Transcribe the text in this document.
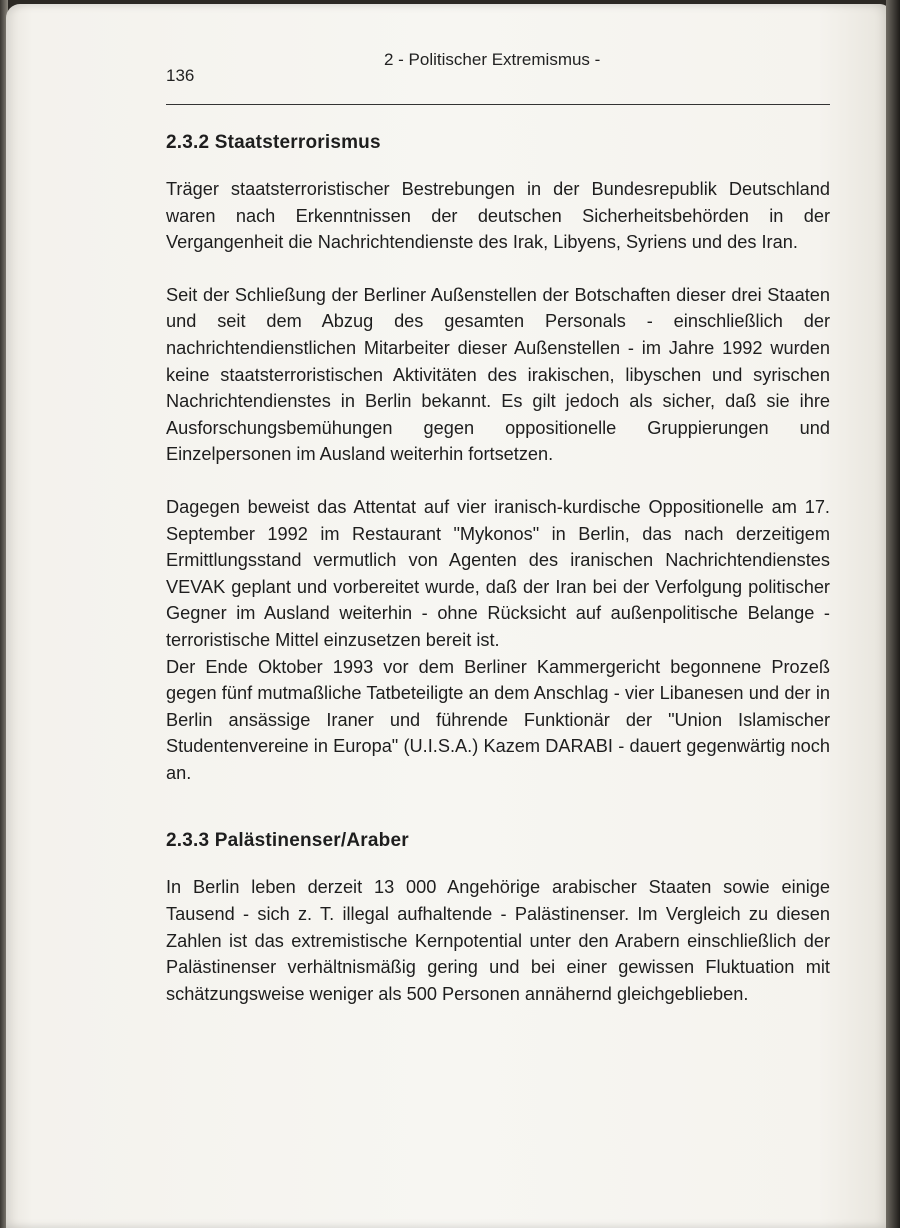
2 - Politischer Extremismus -
136
2.3.2 Staatsterrorismus

Träger staatsterroristischer Bestrebungen in der Bundesrepublik Deutschland waren nach Erkenntnissen der deutschen Sicherheitsbehörden in der Vergangenheit die Nachrichtendienste des Irak, Libyens, Syriens und des Iran.

Seit der Schließung der Berliner Außenstellen der Botschaften dieser drei Staaten und seit dem Abzug des gesamten Personals - einschließlich der nachrichtendienstlichen Mitarbeiter dieser Außenstellen - im Jahre 1992 wurden keine staatsterroristischen Aktivitäten des irakischen, libyschen und syrischen Nachrichtendienstes in Berlin bekannt. Es gilt jedoch als sicher, daß sie ihre Ausforschungsbemühungen gegen oppositionelle Gruppierungen und Einzelpersonen im Ausland weiterhin fortsetzen.

Dagegen beweist das Attentat auf vier iranisch-kurdische Oppositionelle am 17. September 1992 im Restaurant "Mykonos" in Berlin, das nach derzeitigem Ermittlungsstand vermutlich von Agenten des iranischen Nachrichtendienstes VEVAK geplant und vorbereitet wurde, daß der Iran bei der Verfolgung politischer Gegner im Ausland weiterhin - ohne Rücksicht auf außenpolitische Belange - terroristische Mittel einzusetzen bereit ist.

Der Ende Oktober 1993 vor dem Berliner Kammergericht begonnene Prozeß gegen fünf mutmaßliche Tatbeteiligte an dem Anschlag - vier Libanesen und der in Berlin ansässige Iraner und führende Funktionär der "Union Islamischer Studentenvereine in Europa" (U.I.S.A.) Kazem DARABI - dauert gegenwärtig noch an.

2.3.3 Palästinenser/Araber

In Berlin leben derzeit 13 000 Angehörige arabischer Staaten sowie einige Tausend - sich z. T. illegal aufhaltende - Palästinenser. Im Vergleich zu diesen Zahlen ist das extremistische Kernpotential unter den Arabern einschließlich der Palästinenser verhältnismäßig gering und bei einer gewissen Fluktuation mit schätzungsweise weniger als 500 Personen annähernd gleichgeblieben.
